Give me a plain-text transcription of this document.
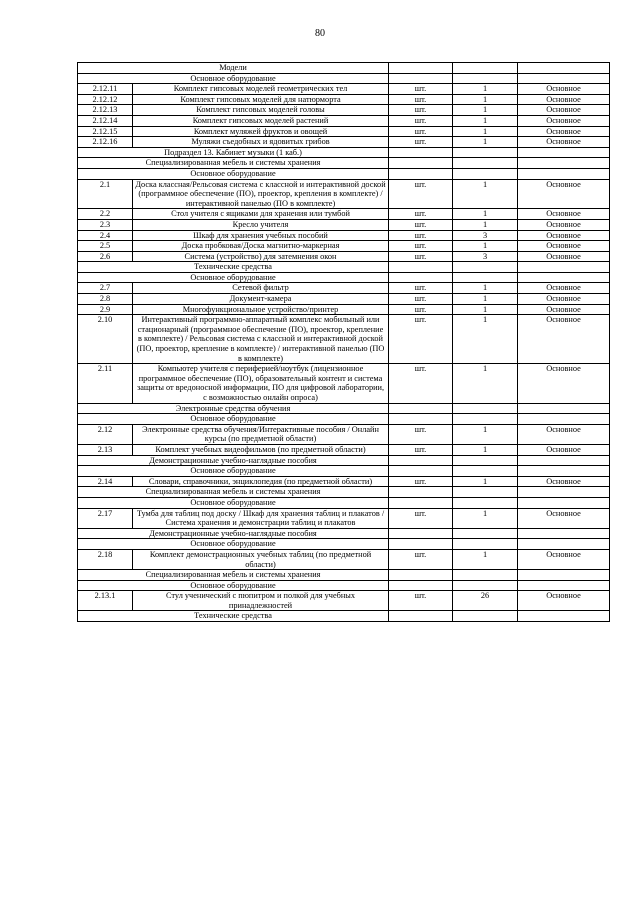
80
Модели				
Основное оборудование				
2.12.11	Комплект гипсовых моделей геометрических тел	шт.	1	Основное
2.12.12	Комплект гипсовых моделей для натюрморта	шт.	1	Основное
2.12.13	Комплект гипсовых моделей головы	шт.	1	Основное
2.12.14	Комплект гипсовых моделей растений	шт.	1	Основное
2.12.15	Комплект муляжей фруктов и овощей	шт.	1	Основное
2.12.16	Муляжи съедобных и ядовитых грибов	шт.	1	Основное
Подраздел 13. Кабинет музыки (1 каб.)				
Специализированная мебель и системы хранения				
Основное оборудование				
2.1	Доска классная/Рельсовая система с классной и интерактивной доской (программное обеспечение (ПО), проектор, крепления в комплекте) / интерактивной панелью (ПО в комплекте)	шт.	1	Основное
2.2	Стол учителя с ящиками для хранения или тумбой	шт.	1	Основное
2.3	Кресло учителя	шт.	1	Основное
2.4	Шкаф для хранения учебных пособий	шт.	3	Основное
2.5	Доска пробковая/Доска магнитно-маркерная	шт.	1	Основное
2.6	Система (устройство) для затемнения окон	шт.	3	Основное
Технические средства				
Основное оборудование				
2.7	Сетевой фильтр	шт.	1	Основное
2.8	Документ-камера	шт.	1	Основное
2.9	Многофункциональное устройство/принтер	шт.	1	Основное
2.10	Интерактивный программно-аппаратный комплекс мобильный или стационарный (программное обеспечение (ПО), проектор, крепление в комплекте) / Рельсовая система с классной и интерактивной доской (ПО, проектор, крепление в комплекте) / интерактивной панелью (ПО в комплекте)	шт.	1	Основное
2.11	Компьютер учителя с периферией/ноутбук (лицензионное программное обеспечение (ПО), образовательный контент и система защиты от вредоносной информации, ПО для цифровой лаборатории, с возможностью онлайн опроса)	шт.	1	Основное
Электронные средства обучения				
Основное оборудование				
2.12	Электронные средства обучения/Интерактивные пособия / Онлайн курсы (по предметной области)	шт.	1	Основное
2.13	Комплект учебных видеофильмов (по предметной области)	шт.	1	Основное
Демонстрационные учебно-наглядные пособия				
Основное оборудование				
2.14	Словари, справочники, энциклопедия (по предметной области)	шт.	1	Основное
Специализированная мебель и системы хранения				
Основное оборудование				
2.17	Тумба для таблиц под доску / Шкаф для хранения таблиц и плакатов / Система хранения и демонстрации таблиц и плакатов	шт.	1	Основное
Демонстрационные учебно-наглядные пособия				
Основное оборудование				
2.18	Комплект демонстрационных учебных таблиц (по предметной области)	шт.	1	Основное
Специализированная мебель и системы хранения				
Основное оборудование				
2.13.1	Стул ученический с пюпитром и полкой для учебных принадлежностей	шт.	26	Основное
Технические средства				
